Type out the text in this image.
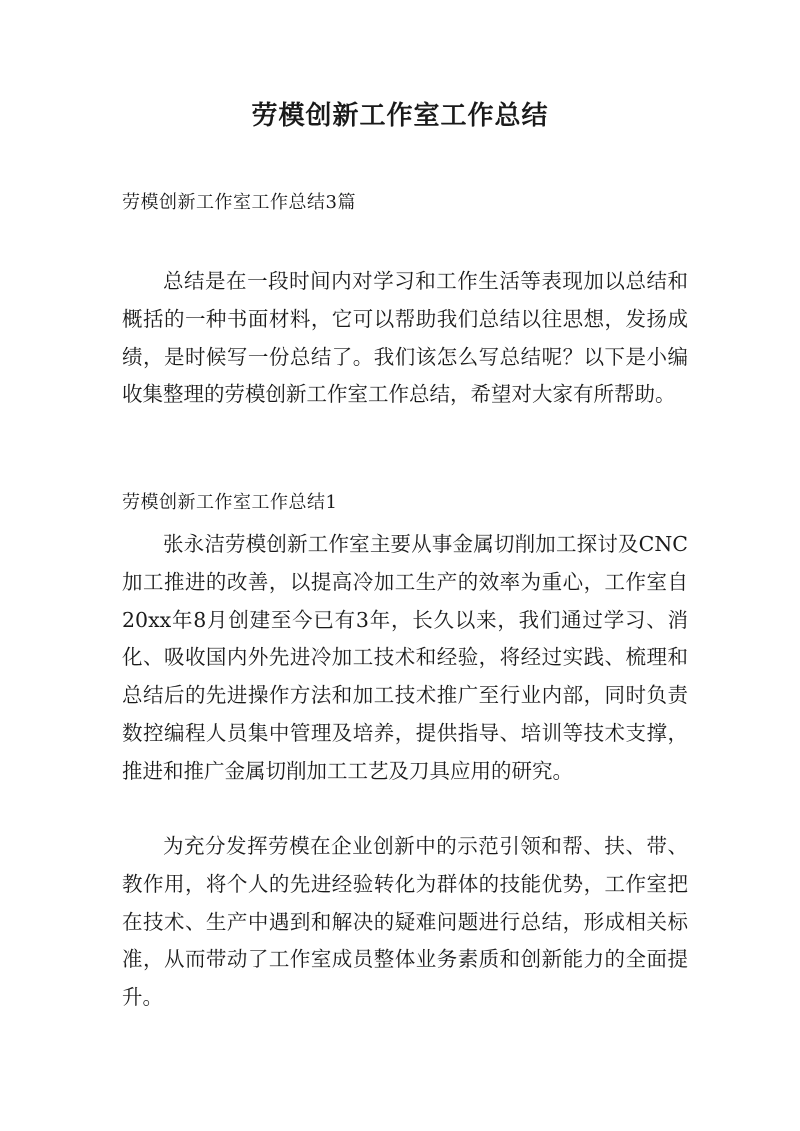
劳模创新工作室工作总结
劳模创新工作室工作总结3篇
总结是在一段时间内对学习和工作生活等表现加以总结和概括的一种书面材料，它可以帮助我们总结以往思想，发扬成绩，是时候写一份总结了。我们该怎么写总结呢？以下是小编收集整理的劳模创新工作室工作总结，希望对大家有所帮助。
劳模创新工作室工作总结1
张永洁劳模创新工作室主要从事金属切削加工探讨及CNC加工推进的改善，以提高冷加工生产的效率为重心，工作室自20xx年8月创建至今已有3年，长久以来，我们通过学习、消化、吸收国内外先进冷加工技术和经验，将经过实践、梳理和总结后的先进操作方法和加工技术推广至行业内部，同时负责数控编程人员集中管理及培养，提供指导、培训等技术支撑，推进和推广金属切削加工工艺及刀具应用的研究。
为充分发挥劳模在企业创新中的示范引领和帮、扶、带、教作用，将个人的先进经验转化为群体的技能优势，工作室把在技术、生产中遇到和解决的疑难问题进行总结，形成相关标准，从而带动了工作室成员整体业务素质和创新能力的全面提升。
